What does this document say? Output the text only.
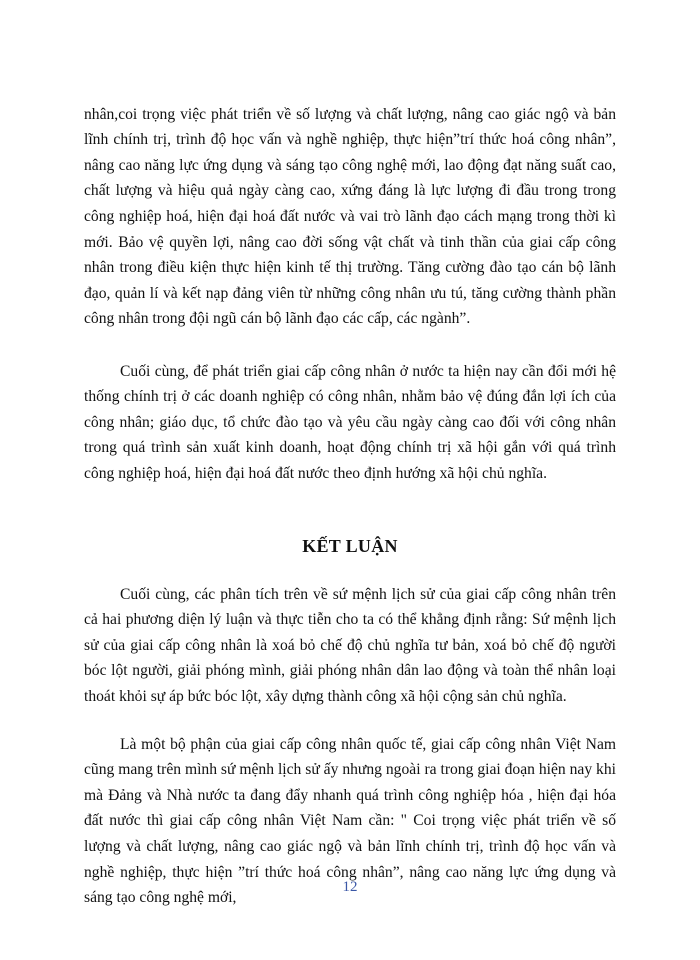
nhân,coi trọng việc phát triển về số lượng và chất lượng, nâng cao giác ngộ và bản lĩnh chính trị, trình độ học vấn và nghề nghiệp, thực hiện”trí thức hoá công nhân”, nâng cao năng lực ứng dụng và sáng tạo công nghệ mới, lao động đạt năng suất cao, chất lượng và hiệu quả ngày càng cao, xứng đáng là lực lượng đi đầu trong trong công nghiệp hoá, hiện đại hoá đất nước và vai trò lãnh đạo cách mạng trong thời kì mới. Bảo vệ quyền lợi, nâng cao đời sống vật chất và tinh thần của giai cấp công nhân trong điều kiện thực hiện kinh tế thị trường. Tăng cường đào tạo cán bộ lãnh đạo, quản lí và kết nạp đảng viên từ những công nhân ưu tú, tăng cường thành phần công nhân trong đội ngũ cán bộ lãnh đạo các cấp, các ngành”.

Cuối cùng, để phát triển giai cấp công nhân ở nước ta hiện nay cần đổi mới hệ thống chính trị ở các doanh nghiệp có công nhân, nhằm bảo vệ đúng đắn lợi ích của công nhân; giáo dục, tổ chức đào tạo và yêu cầu ngày càng cao đối với công nhân trong quá trình sản xuất kinh doanh, hoạt động chính trị xã hội gắn với quá trình công nghiệp hoá, hiện đại hoá đất nước theo định hướng xã hội chủ nghĩa.

KẾT LUẬN

Cuối cùng, các phân tích trên về sứ mệnh lịch sử của giai cấp công nhân trên cả hai phương diện lý luận và thực tiễn cho ta có thể khẳng định rằng: Sứ mệnh lịch sử của giai cấp công nhân là xoá bỏ chế độ chủ nghĩa tư bản, xoá bỏ chế độ người bóc lột người, giải phóng mình, giải phóng nhân dân lao động và toàn thể nhân loại thoát khỏi sự áp bức bóc lột, xây dựng thành công xã hội cộng sản chủ nghĩa.

Là một bộ phận của giai cấp công nhân quốc tế, giai cấp công nhân Việt Nam cũng mang trên mình sứ mệnh lịch sử ấy nhưng ngoài ra trong giai đoạn hiện nay khi mà Đảng và Nhà nước ta đang đẩy nhanh quá trình công nghiệp hóa , hiện đại hóa đất nước thì giai cấp công nhân Việt Nam cần: " Coi trọng việc phát triển về số lượng và chất lượng, nâng cao giác ngộ và bản lĩnh chính trị, trình độ học vấn và nghề nghiệp, thực hiện ”trí thức hoá công nhân”, nâng cao năng lực ứng dụng và sáng tạo công nghệ mới,

12
